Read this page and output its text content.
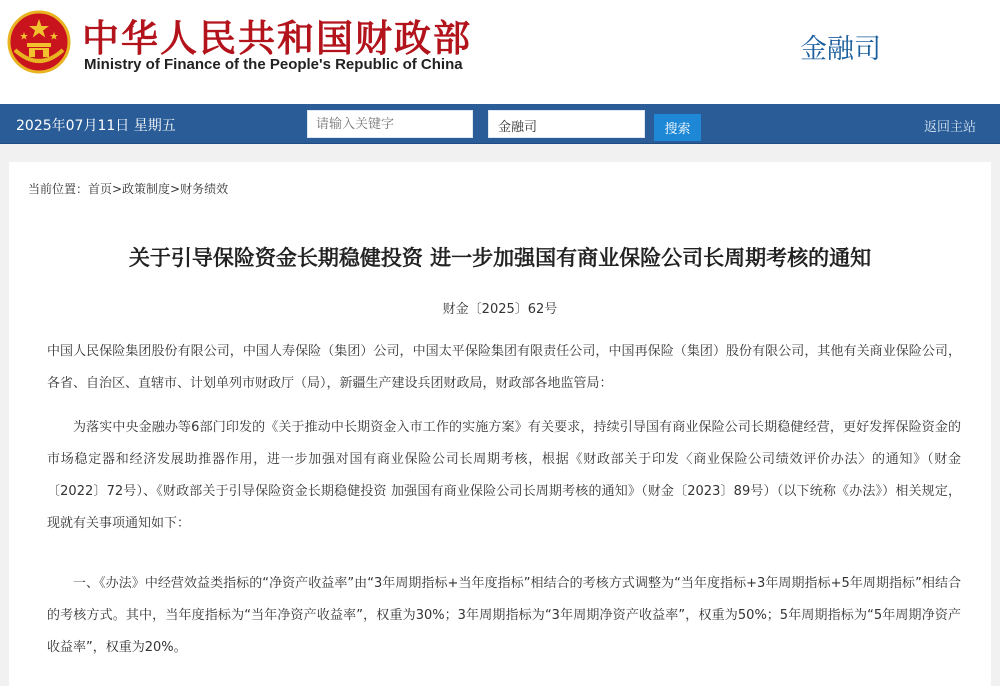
中华人民共和国财政部
Ministry of Finance of the People's Republic of China	金融司
2025年07月11日 星期五
请输入关键字	金融司	搜索	返回主站
当前位置：首页>政策制度>财务绩效
关于引导保险资金长期稳健投资 进一步加强国有商业保险公司长周期考核的通知
财金〔2025〕62号

中国人民保险集团股份有限公司，中国人寿保险（集团）公司，中国太平保险集团有限责任公司，中国再保险（集团）股份有限公司，其他有关商业保险公司，各省、自治区、直辖市、计划单列市财政厅（局），新疆生产建设兵团财政局，财政部各地监管局：

为落实中央金融办等6部门印发的《关于推动中长期资金入市工作的实施方案》有关要求，持续引导国有商业保险公司长期稳健经营，更好发挥保险资金的市场稳定器和经济发展助推器作用，进一步加强对国有商业保险公司长周期考核，根据《财政部关于印发〈商业保险公司绩效评价办法〉的通知》（财金〔2022〕72号）、《财政部关于引导保险资金长期稳健投资 加强国有商业保险公司长周期考核的通知》（财金〔2023〕89号）（以下统称《办法》）相关规定，现就有关事项通知如下：

一、《办法》中经营效益类指标的“净资产收益率”由“3年周期指标+当年度指标”相结合的考核方式调整为“当年度指标+3年周期指标+5年周期指标”相结合的考核方式。其中，当年度指标为“当年净资产收益率”，权重为30%；3年周期指标为“3年周期净资产收益率”，权重为50%；5年周期指标为“5年周期净资产收益率”，权重为20%。
